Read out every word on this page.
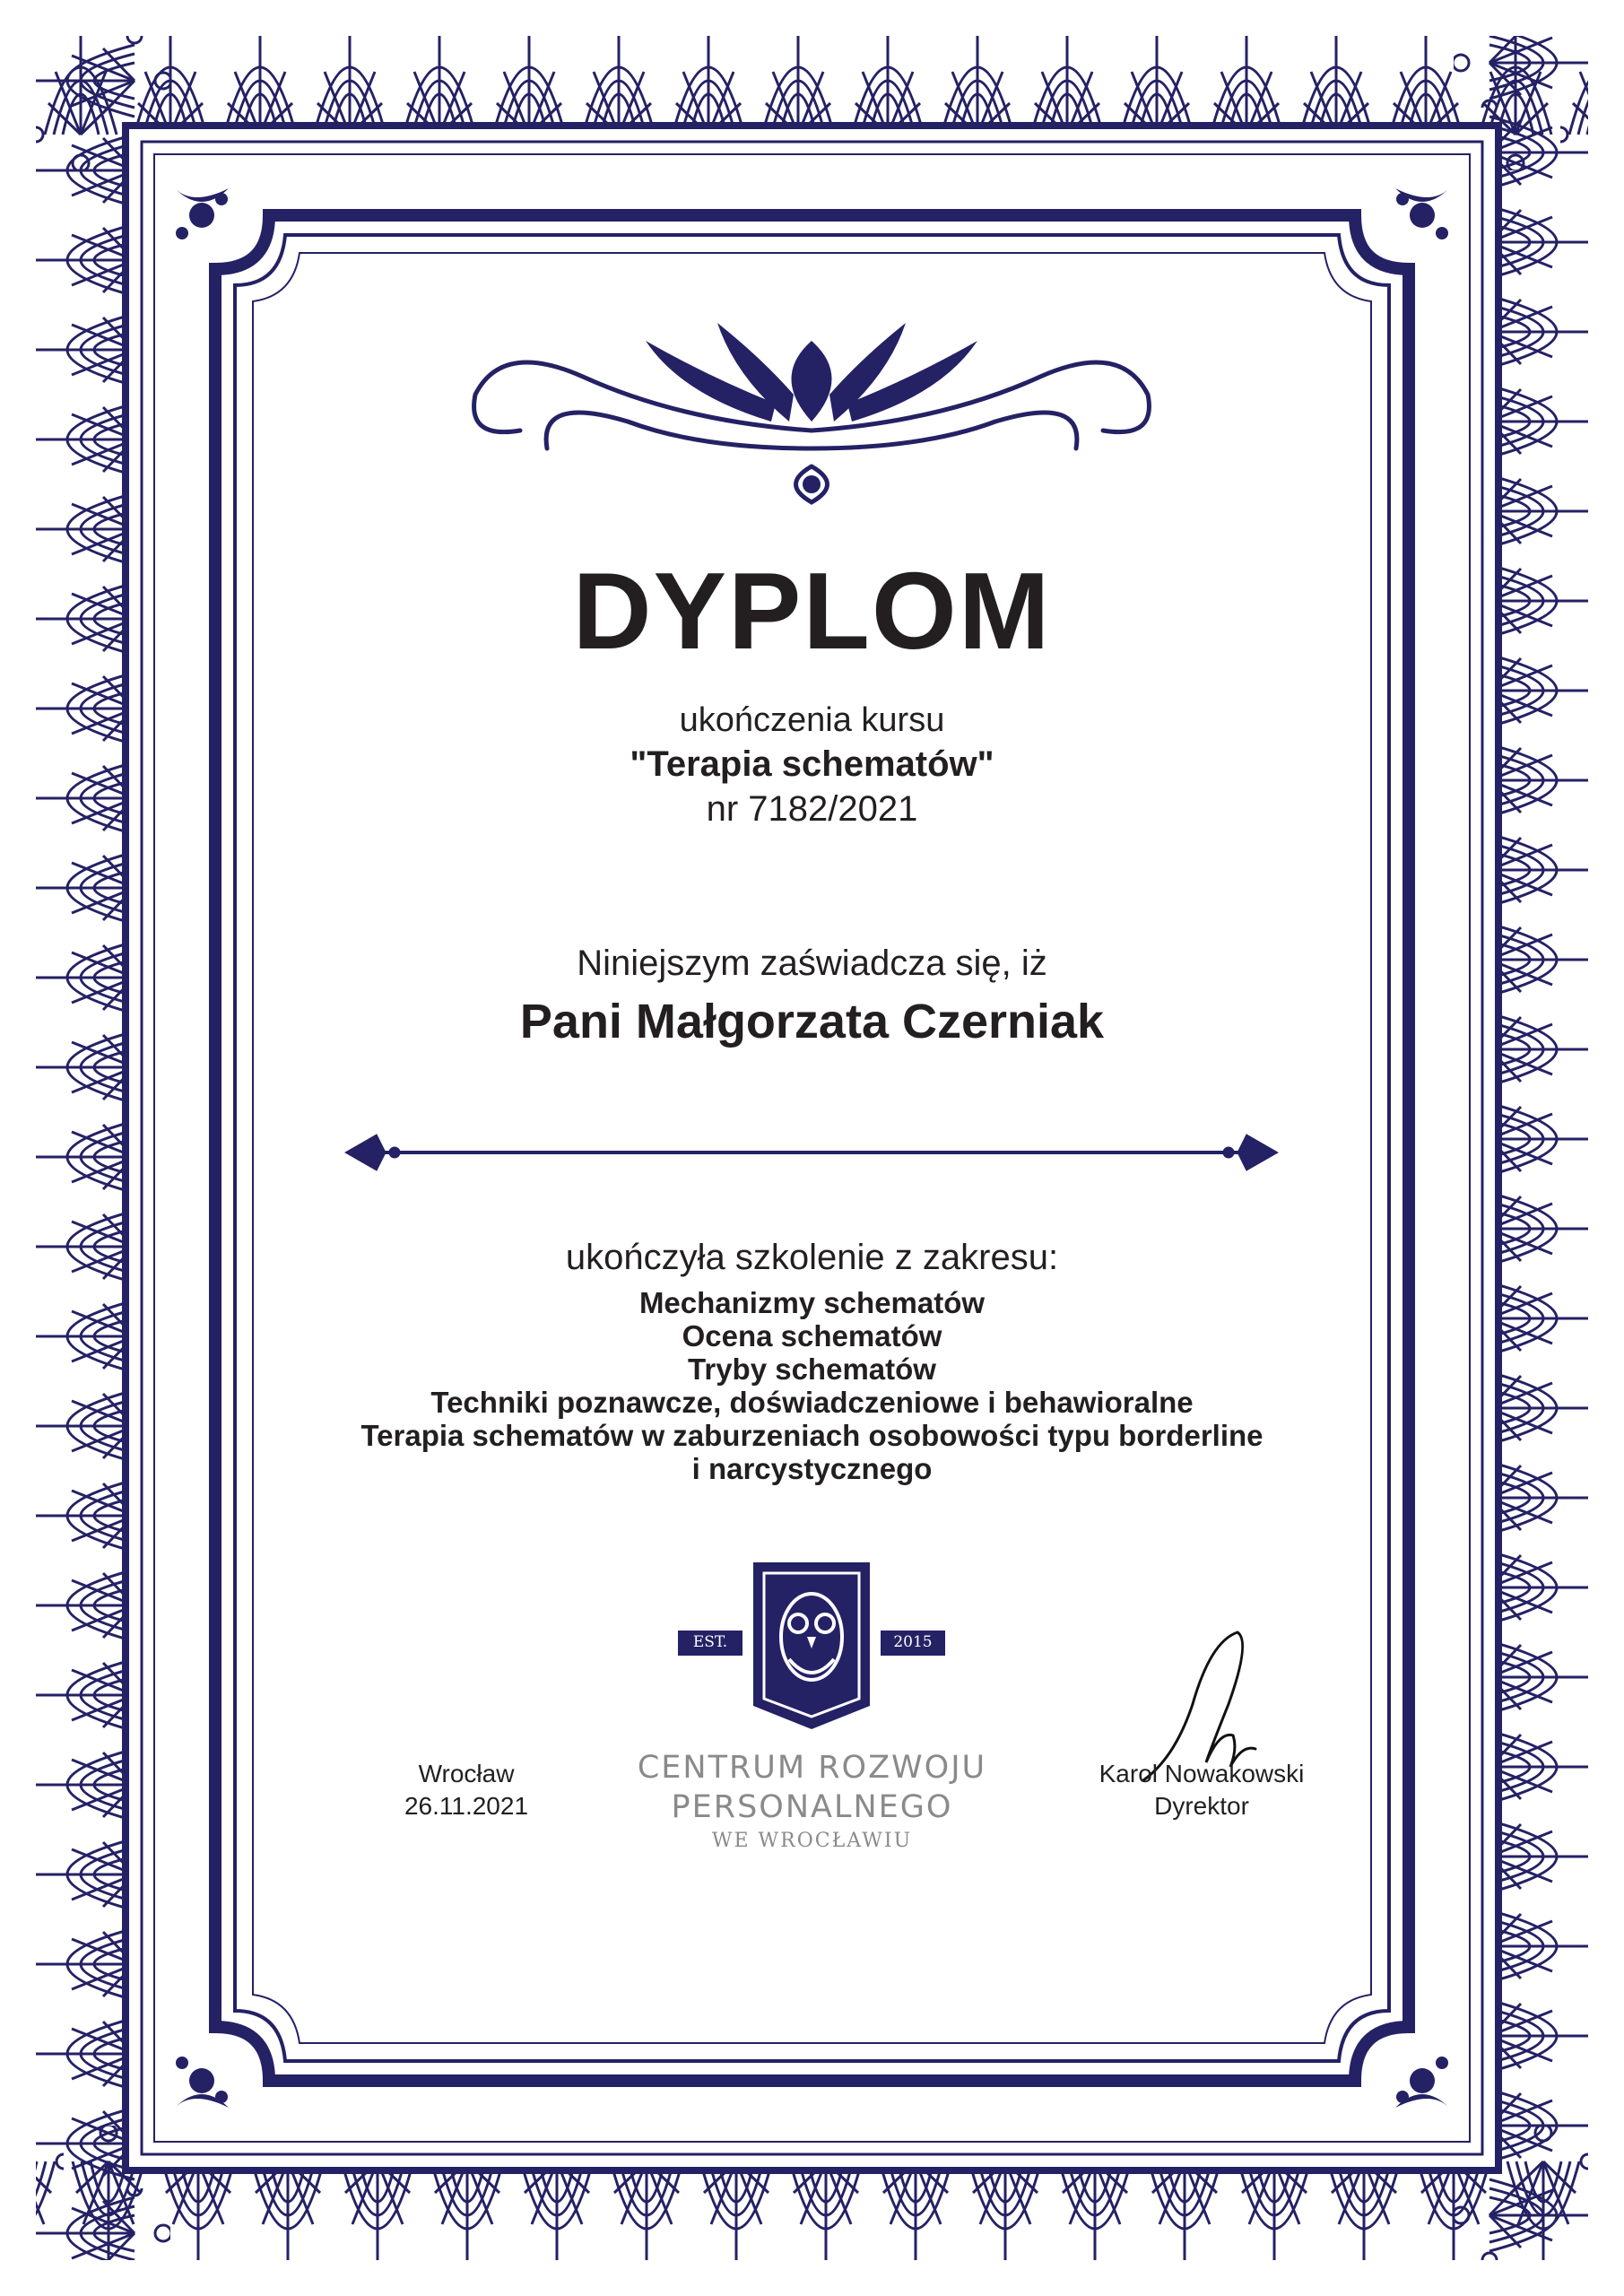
DYPLOM
ukończenia kursu
"Terapia schematów"
nr 7182/2021
Niniejszym zaświadcza się, iż
Pani Małgorzata Czerniak
ukończyła szkolenie z zakresu:
Mechanizmy schematów
Ocena schematów
Tryby schematów
Techniki poznawcze, doświadczeniowe i behawioralne
Terapia schematów w zaburzeniach osobowości typu borderline
i narcystycznego
EST.	2015
CENTRUM ROZWOJU
PERSONALNEGO
WE WROCŁAWIU
Wrocław
26.11.2021
Karol Nowakowski
Dyrektor
